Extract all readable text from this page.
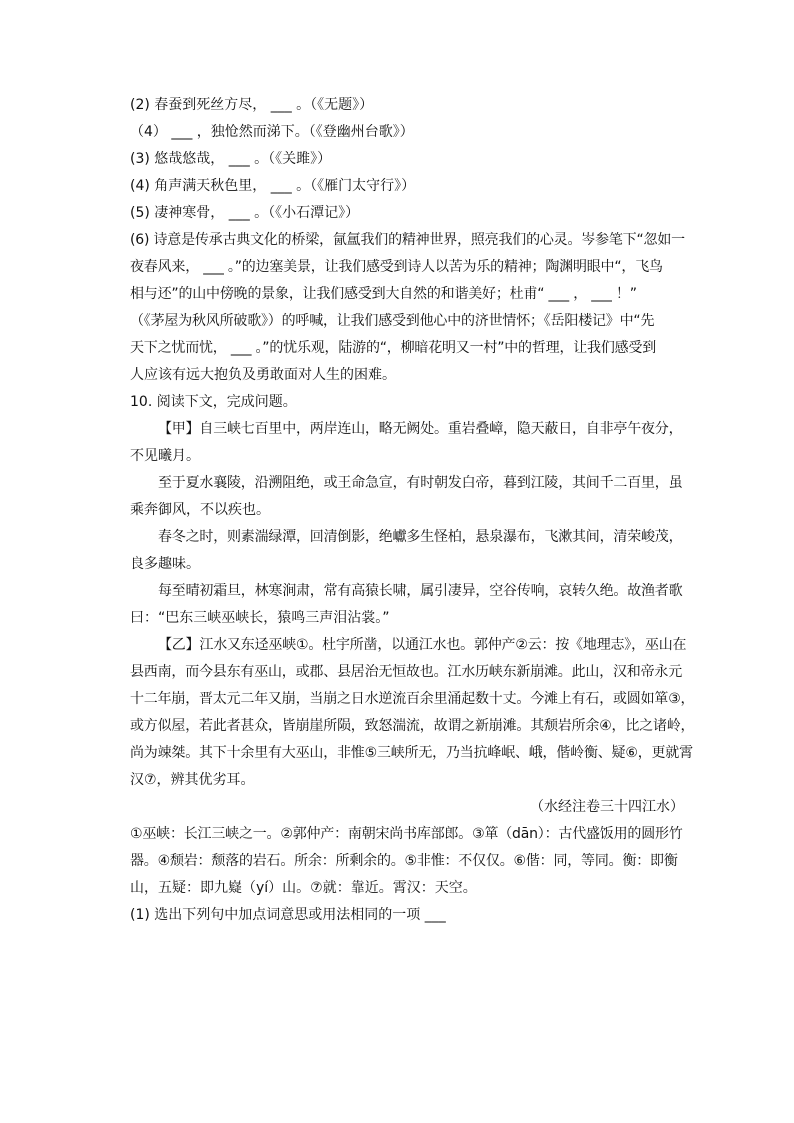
(2) 春蚕到死丝方尽， ___ 。（《无题》）
（4） ___ ，独怆然而涕下。（《登幽州台歌》）
(3) 悠哉悠哉， ___ 。（《关雎》）
(4) 角声满天秋色里， ___ 。（《雁门太守行》）
(5) 凄神寒骨， ___ 。（《小石潭记》）
(6) 诗意是传承古典文化的桥梁，氤氲我们的精神世界，照亮我们的心灵。岑参笔下“忽如一
夜春风来， ___ 。”的边塞美景，让我们感受到诗人以苦为乐的精神；陶渊明眼中“，飞鸟
相与还”的山中傍晚的景象，让我们感受到大自然的和谐美好；杜甫“ ___ ， ___ ！”
（《茅屋为秋风所破歌》）的呼喊，让我们感受到他心中的济世情怀；《岳阳楼记》中“先
天下之忧而忧， ___ 。”的忧乐观，陆游的“，柳暗花明又一村”中的哲理，让我们感受到
人应该有远大抱负及勇敢面对人生的困难。
10. 阅读下文，完成问题。
【甲】自三峡七百里中，两岸连山，略无阙处。重岩叠嶂，隐天蔽日，自非亭午夜分，
不见曦月。
至于夏水襄陵，沿溯阻绝，或王命急宣，有时朝发白帝，暮到江陵，其间千二百里，虽
乘奔御风，不以疾也。
春冬之时，则素湍绿潭，回清倒影，绝巘多生怪柏，悬泉瀑布，飞漱其间，清荣峻茂，
良多趣味。
每至晴初霜旦，林寒涧肃，常有高猿长啸，属引凄异，空谷传响，哀转久绝。故渔者歌
曰：“巴东三峡巫峡长，猿鸣三声泪沾裳。”
【乙】江水又东迳巫峡①。杜宇所凿，以通江水也。郭仲产②云：按《地理志》，巫山在
县西南，而今县东有巫山，或郡、县居治无恒故也。江水历峡东新崩滩。此山，汉和帝永元
十二年崩，晋太元二年又崩，当崩之日水逆流百余里涌起数十丈。今滩上有石，或圆如箪③，
或方似屋，若此者甚众，皆崩崖所陨，致怒湍流，故谓之新崩滩。其颓岩所余④，比之诸岭，
尚为竦桀。其下十余里有大巫山，非惟⑤三峡所无，乃当抗峰岷、峨，偕岭衡、疑⑥，更就霄
汉⑦，辨其优劣耳。
（水经注卷三十四江水）
①巫峡：长江三峡之一。②郭仲产：南朝宋尚书库部郎。③箪（dān）：古代盛饭用的圆形竹
器。④颓岩：颓落的岩石。所余：所剩余的。⑤非惟：不仅仅。⑥偕：同，等同。衡：即衡
山，五疑：即九嶷（yí）山。⑦就：靠近。霄汉：天空。
(1) 选出下列句中加点词意思或用法相同的一项 ___
